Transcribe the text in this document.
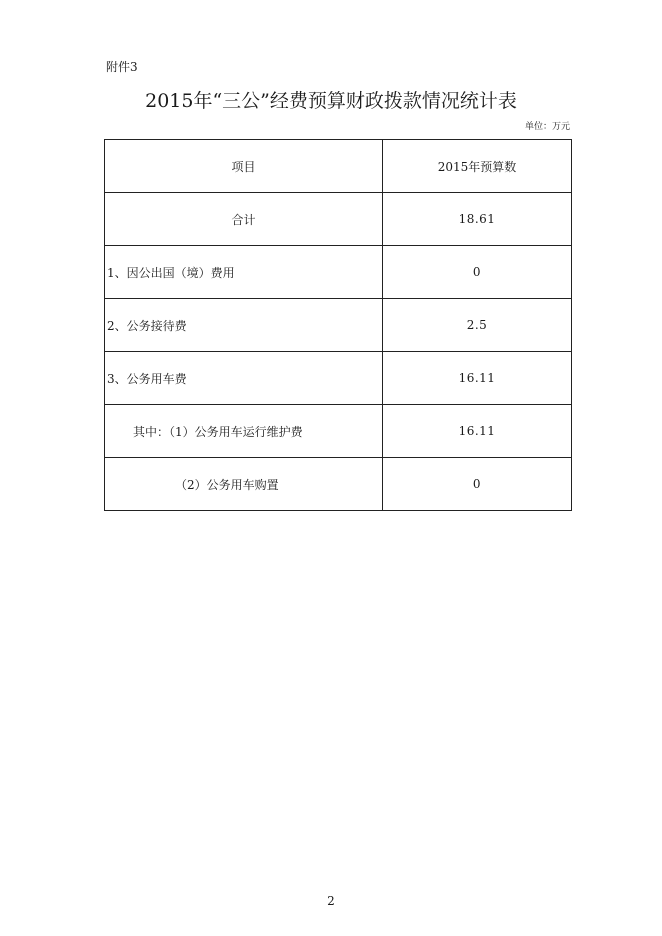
附件3
2015年“三公”经费预算财政拨款情况统计表
单位：万元
项目	2015年预算数
合计	18.61
1、因公出国（境）费用	0
2、公务接待费	2.5
3、公务用车费	16.11
其中：（1）公务用车运行维护费	16.11
（2）公务用车购置	0
2
